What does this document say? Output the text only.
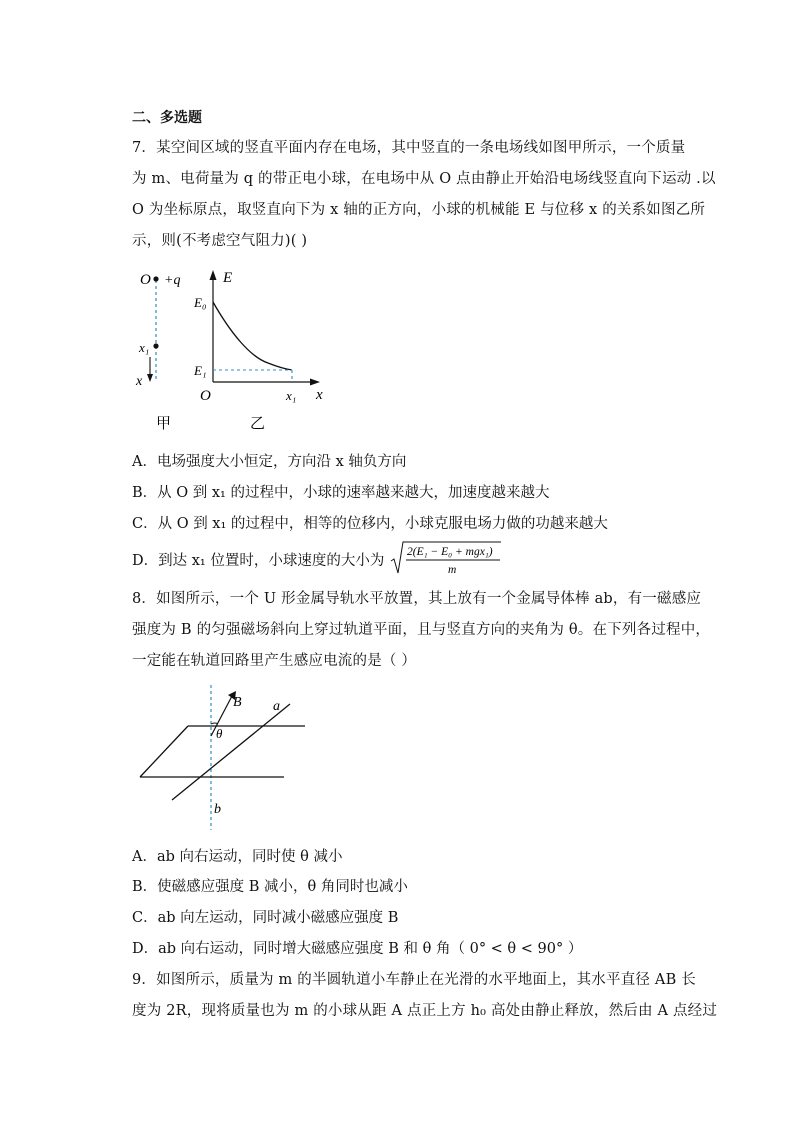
二、多选题
7．某空间区域的竖直平面内存在电场，其中竖直的一条电场线如图甲所示，一个质量
为 m、电荷量为 q 的带正电小球，在电场中从 O 点由静止开始沿电场线竖直向下运动 .以
O 为坐标原点，取竖直向下为 x 轴的正方向，小球的机械能 E 与位移 x 的关系如图乙所
示，则(不考虑空气阻力)( )
O +q
x₁
x
甲
E
E₀
E₁
O	x₁ x
乙
A．电场强度大小恒定，方向沿 x 轴负方向
B．从 O 到 x₁ 的过程中，小球的速率越来越大，加速度越来越大
C．从 O 到 x₁ 的过程中，相等的位移内，小球克服电场力做的功越来越大
D．到达 x₁ 位置时，小球速度的大小为
2(E₁ − E₀ + mgx₁)
m
8．如图所示，一个 U 形金属导轨水平放置，其上放有一个金属导体棒 ab，有一磁感应
强度为 B 的匀强磁场斜向上穿过轨道平面，且与竖直方向的夹角为 θ。在下列各过程中，
一定能在轨道回路里产生感应电流的是（ ）
B a
θ
b
A．ab 向右运动，同时使 θ 减小
B．使磁感应强度 B 减小，θ 角同时也减小
C．ab 向左运动，同时减小磁感应强度 B
D．ab 向右运动，同时增大磁感应强度 B 和 θ 角（ 0° < θ < 90° ）
9．如图所示，质量为 m 的半圆轨道小车静止在光滑的水平地面上，其水平直径 AB 长
度为 2R，现将质量也为 m 的小球从距 A 点正上方 h₀ 高处由静止释放，然后由 A 点经过
